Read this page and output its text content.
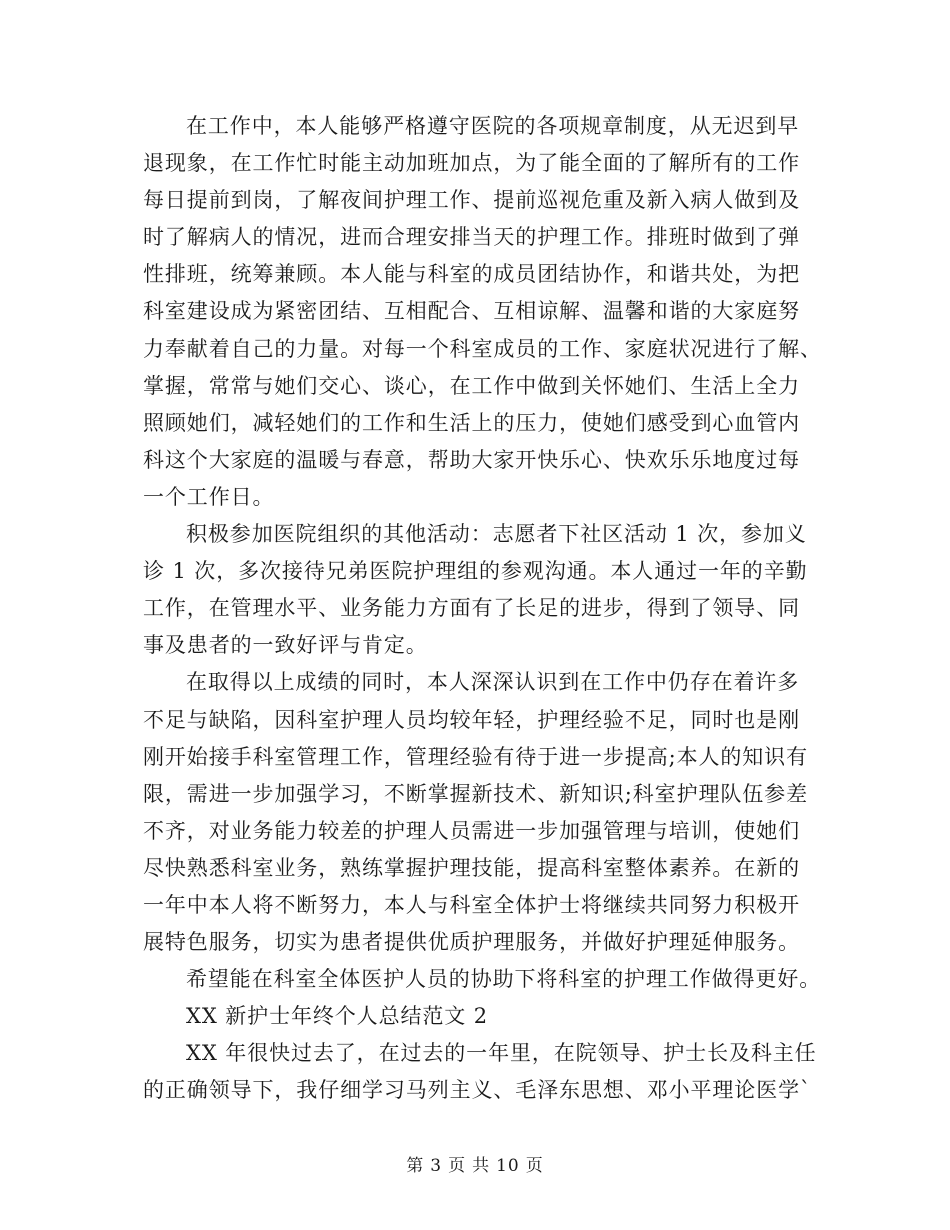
在工作中，本人能够严格遵守医院的各项规章制度，从无迟到早
退现象，在工作忙时能主动加班加点，为了能全面的了解所有的工作
每日提前到岗，了解夜间护理工作、提前巡视危重及新入病人做到及
时了解病人的情况，进而合理安排当天的护理工作。排班时做到了弹
性排班，统筹兼顾。本人能与科室的成员团结协作，和谐共处，为把
科室建设成为紧密团结、互相配合、互相谅解、温馨和谐的大家庭努
力奉献着自己的力量。对每一个科室成员的工作、家庭状况进行了解、
掌握，常常与她们交心、谈心，在工作中做到关怀她们、生活上全力
照顾她们，减轻她们的工作和生活上的压力，使她们感受到心血管内
科这个大家庭的温暖与春意，帮助大家开快乐心、快欢乐乐地度过每
一个工作日。
积极参加医院组织的其他活动：志愿者下社区活动 1 次，参加义
诊 1 次，多次接待兄弟医院护理组的参观沟通。本人通过一年的辛勤
工作，在管理水平、业务能力方面有了长足的进步，得到了领导、同
事及患者的一致好评与肯定。
在取得以上成绩的同时，本人深深认识到在工作中仍存在着许多
不足与缺陷，因科室护理人员均较年轻，护理经验不足，同时也是刚
刚开始接手科室管理工作，管理经验有待于进一步提高;本人的知识有
限，需进一步加强学习，不断掌握新技术、新知识;科室护理队伍参差
不齐，对业务能力较差的护理人员需进一步加强管理与培训，使她们
尽快熟悉科室业务，熟练掌握护理技能，提高科室整体素养。在新的
一年中本人将不断努力，本人与科室全体护士将继续共同努力积极开
展特色服务，切实为患者提供优质护理服务，并做好护理延伸服务。
希望能在科室全体医护人员的协助下将科室的护理工作做得更好。
XX 新护士年终个人总结范文 2
XX 年很快过去了，在过去的一年里，在院领导、护士长及科主任
的正确领导下，我仔细学习马列主义、毛泽东思想、邓小平理论医学`
第 3 页 共 10 页
